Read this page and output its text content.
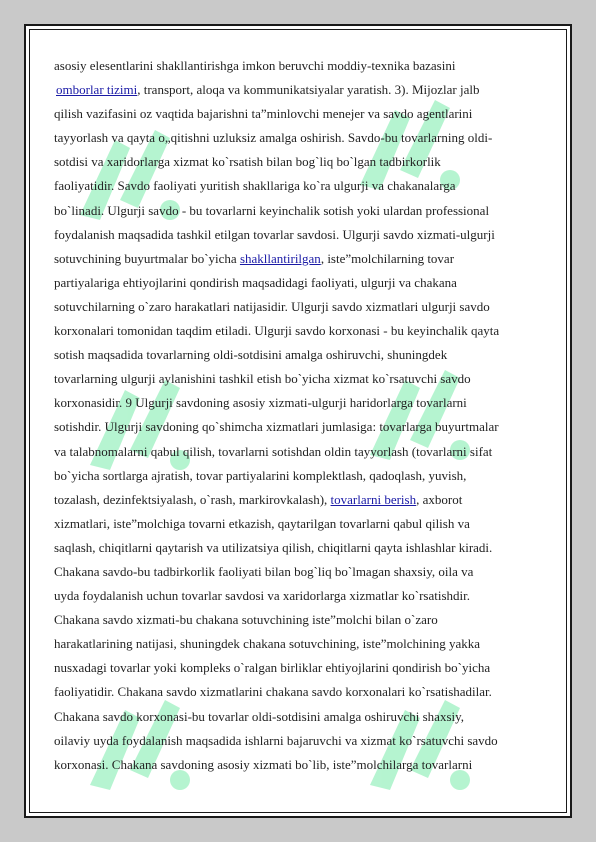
asosiy elesentlarini shakllantirishga imkon beruvchi moddiy-texnika bazasini
omborlar tizimi, transport, aloqa va kommunikatsiyalar yaratish. 3). Mijozlar jalb
qilish vazifasini oz vaqtida bajarishni ta”minlovchi menejer va savdo agentlarini
tayyorlash va qayta o„qitishni uzluksiz amalga oshirish. Savdo-bu tovarlarning oldi-
sotdisi va xaridorlarga xizmat ko`rsatish bilan bog`liq bo`lgan tadbirkorlik
faoliyatidir. Savdo faoliyati yuritish shakllariga ko`ra ulgurji va chakanalarga
bo`linadi. Ulgurji savdo - bu tovarlarni keyinchalik sotish yoki ulardan professional
foydalanish maqsadida tashkil etilgan tovarlar savdosi. Ulgurji savdo xizmati-ulgurji
sotuvchining buyurtmalar bo`yicha shakllantirilgan, iste”molchilarning tovar
partiyalariga ehtiyojlarini qondirish maqsadidagi faoliyati, ulgurji va chakana
sotuvchilarning o`zaro harakatlari natijasidir. Ulgurji savdo xizmatlari ulgurji savdo
korxonalari tomonidan taqdim etiladi. Ulgurji savdo korxonasi - bu keyinchalik qayta
sotish maqsadida tovarlarning oldi-sotdisini amalga oshiruvchi, shuningdek
tovarlarning ulgurji aylanishini tashkil etish bo`yicha xizmat ko`rsatuvchi savdo
korxonasidir. 9 Ulgurji savdoning asosiy xizmati-ulgurji haridorlarga tovarlarni
sotishdir. Ulgurji savdoning qo`shimcha xizmatlari jumlasiga: tovarlarga buyurtmalar
va talabnomalarni qabul qilish, tovarlarni sotishdan oldin tayyorlash (tovarlarni sifat
bo`yicha sortlarga ajratish, tovar partiyalarini komplektlash, qadoqlash, yuvish,
tozalash, dezinfektsiyalash, o`rash, markirovkalash), tovarlarni berish, axborot
xizmatlari, iste”molchiga tovarni etkazish, qaytarilgan tovarlarni qabul qilish va
saqlash, chiqitlarni qaytarish va utilizatsiya qilish, chiqitlarni qayta ishlashlar kiradi.
Chakana savdo-bu tadbirkorlik faoliyati bilan bog`liq bo`lmagan shaxsiy, oila va
uyda foydalanish uchun tovarlar savdosi va xaridorlarga xizmatlar ko`rsatishdir.
Chakana savdo xizmati-bu chakana sotuvchining iste”molchi bilan o`zaro
harakatlarining natijasi, shuningdek chakana sotuvchining, iste”molchining yakka
nusxadagi tovarlar yoki kompleks o`ralgan birliklar ehtiyojlarini qondirish bo`yicha
faoliyatidir. Chakana savdo xizmatlarini chakana savdo korxonalari ko`rsatishadilar.
Chakana savdo korxonasi-bu tovarlar oldi-sotdisini amalga oshiruvchi shaxsiy,
oilaviy uyda foydalanish maqsadida ishlarni bajaruvchi va xizmat ko`rsatuvchi savdo
korxonasi. Chakana savdoning asosiy xizmati bo`lib, iste”molchilarga tovarlarni
